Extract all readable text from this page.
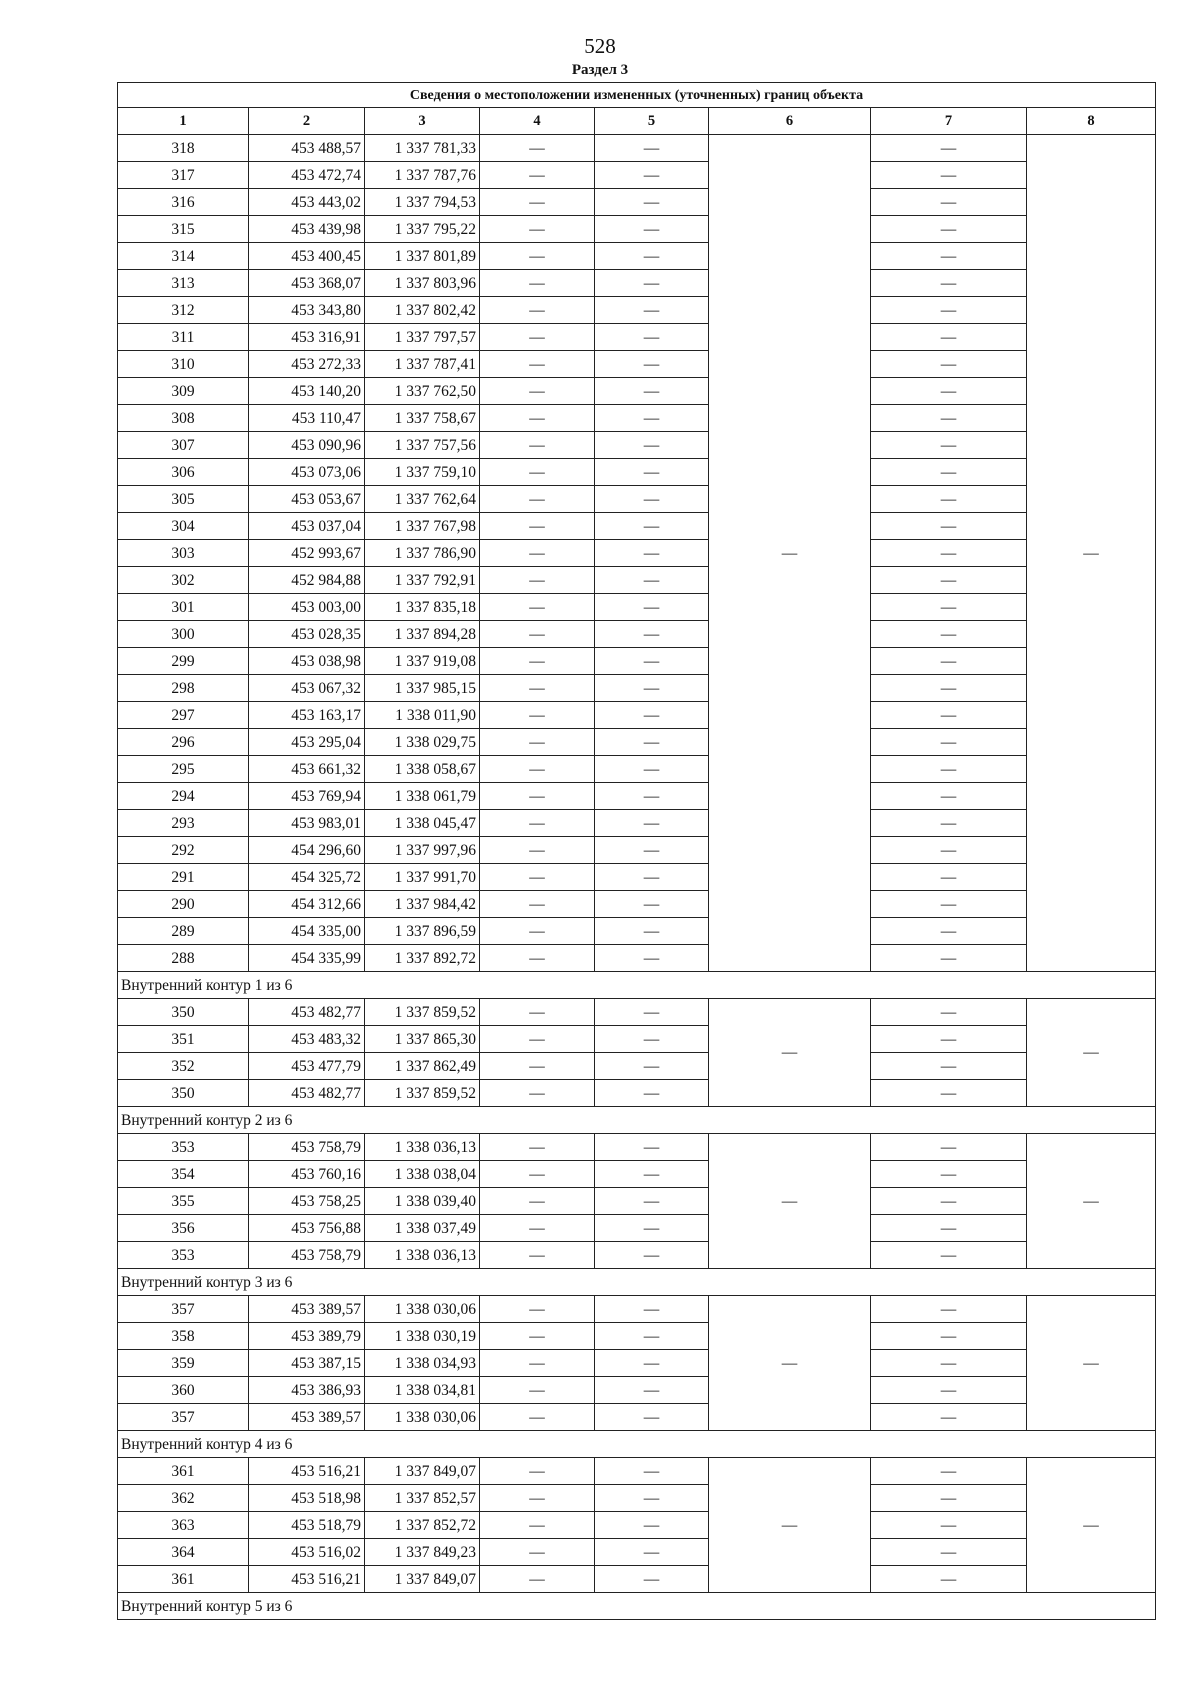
528
Раздел 3
Сведения о местоположении измененных (уточненных) границ объекта							
1	2	3	4	5	6	7	8
318	453 488,57	1 337 781,33	—	—	—	—	—
317	453 472,74	1 337 787,76	—	—		—	
316	453 443,02	1 337 794,53	—	—		—	
315	453 439,98	1 337 795,22	—	—		—	
314	453 400,45	1 337 801,89	—	—		—	
313	453 368,07	1 337 803,96	—	—		—	
312	453 343,80	1 337 802,42	—	—		—	
311	453 316,91	1 337 797,57	—	—		—	
310	453 272,33	1 337 787,41	—	—		—	
309	453 140,20	1 337 762,50	—	—		—	
308	453 110,47	1 337 758,67	—	—		—	
307	453 090,96	1 337 757,56	—	—		—	
306	453 073,06	1 337 759,10	—	—		—	
305	453 053,67	1 337 762,64	—	—		—	
304	453 037,04	1 337 767,98	—	—		—	
303	452 993,67	1 337 786,90	—	—		—	
302	452 984,88	1 337 792,91	—	—		—	
301	453 003,00	1 337 835,18	—	—		—	
300	453 028,35	1 337 894,28	—	—		—	
299	453 038,98	1 337 919,08	—	—		—	
298	453 067,32	1 337 985,15	—	—		—	
297	453 163,17	1 338 011,90	—	—		—	
296	453 295,04	1 338 029,75	—	—		—	
295	453 661,32	1 338 058,67	—	—		—	
294	453 769,94	1 338 061,79	—	—		—	
293	453 983,01	1 338 045,47	—	—		—	
292	454 296,60	1 337 997,96	—	—		—	
291	454 325,72	1 337 991,70	—	—		—	
290	454 312,66	1 337 984,42	—	—		—	
289	454 335,00	1 337 896,59	—	—		—	
288	454 335,99	1 337 892,72	—	—		—	
Внутренний контур 1 из 6							
350	453 482,77	1 337 859,52	—	—	—	—	—
351	453 483,32	1 337 865,30	—	—		—	
352	453 477,79	1 337 862,49	—	—		—	
350	453 482,77	1 337 859,52	—	—		—	
Внутренний контур 2 из 6							
353	453 758,79	1 338 036,13	—	—	—	—	—
354	453 760,16	1 338 038,04	—	—		—	
355	453 758,25	1 338 039,40	—	—		—	
356	453 756,88	1 338 037,49	—	—		—	
353	453 758,79	1 338 036,13	—	—		—	
Внутренний контур 3 из 6							
357	453 389,57	1 338 030,06	—	—	—	—	—
358	453 389,79	1 338 030,19	—	—		—	
359	453 387,15	1 338 034,93	—	—		—	
360	453 386,93	1 338 034,81	—	—		—	
357	453 389,57	1 338 030,06	—	—		—	
Внутренний контур 4 из 6							
361	453 516,21	1 337 849,07	—	—	—	—	—
362	453 518,98	1 337 852,57	—	—		—	
363	453 518,79	1 337 852,72	—	—		—	
364	453 516,02	1 337 849,23	—	—		—	
361	453 516,21	1 337 849,07	—	—		—	
Внутренний контур 5 из 6							
